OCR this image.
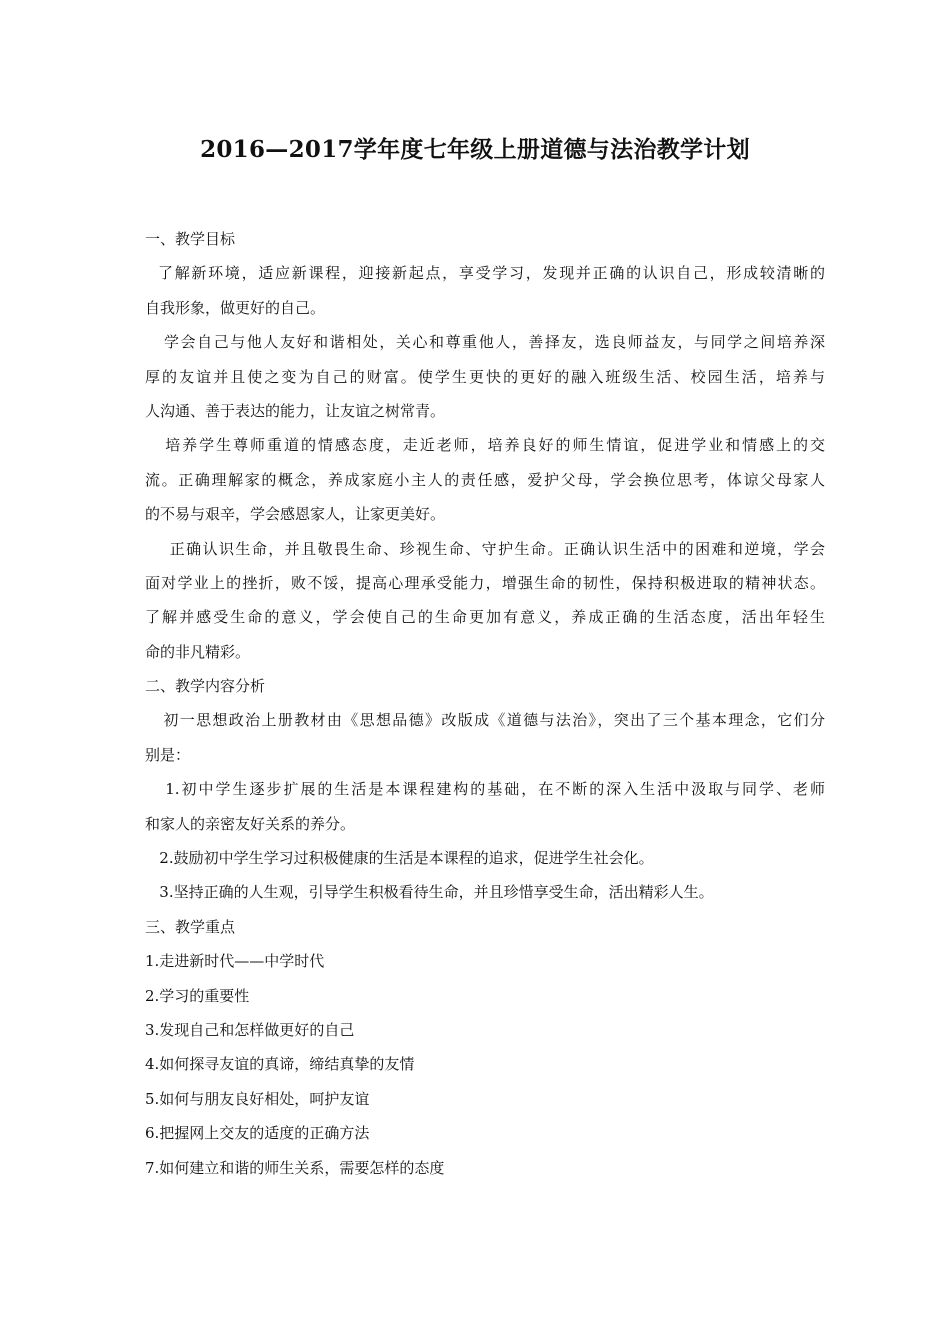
2016—2017学年度七年级上册道德与法治教学计划

一、教学目标

了解新环境，适应新课程，迎接新起点，享受学习，发现并正确的认识自己，形成较清晰的

自我形象，做更好的自己。

学会自己与他人友好和谐相处，关心和尊重他人，善择友，选良师益友，与同学之间培养深

厚的友谊并且使之变为自己的财富。使学生更快的更好的融入班级生活、校园生活，培养与

人沟通、善于表达的能力，让友谊之树常青。

培养学生尊师重道的情感态度，走近老师，培养良好的师生情谊，促进学业和情感上的交

流。正确理解家的概念，养成家庭小主人的责任感，爱护父母，学会换位思考，体谅父母家人

的不易与艰辛，学会感恩家人，让家更美好。

正确认识生命，并且敬畏生命、珍视生命、守护生命。正确认识生活中的困难和逆境，学会

面对学业上的挫折，败不馁，提高心理承受能力，增强生命的韧性，保持积极进取的精神状态。

了解并感受生命的意义，学会使自己的生命更加有意义，养成正确的生活态度，活出年轻生

命的非凡精彩。

二、教学内容分析

初一思想政治上册教材由《思想品德》改版成《道德与法治》，突出了三个基本理念，它们分

别是：

1.初中学生逐步扩展的生活是本课程建构的基础，在不断的深入生活中汲取与同学、老师

和家人的亲密友好关系的养分。

2.鼓励初中学生学习过积极健康的生活是本课程的追求，促进学生社会化。

3.坚持正确的人生观，引导学生积极看待生命，并且珍惜享受生命，活出精彩人生。

三、教学重点

1.走进新时代——中学时代

2.学习的重要性

3.发现自己和怎样做更好的自己

4.如何探寻友谊的真谛，缔结真挚的友情

5.如何与朋友良好相处，呵护友谊

6.把握网上交友的适度的正确方法

7.如何建立和谐的师生关系，需要怎样的态度
